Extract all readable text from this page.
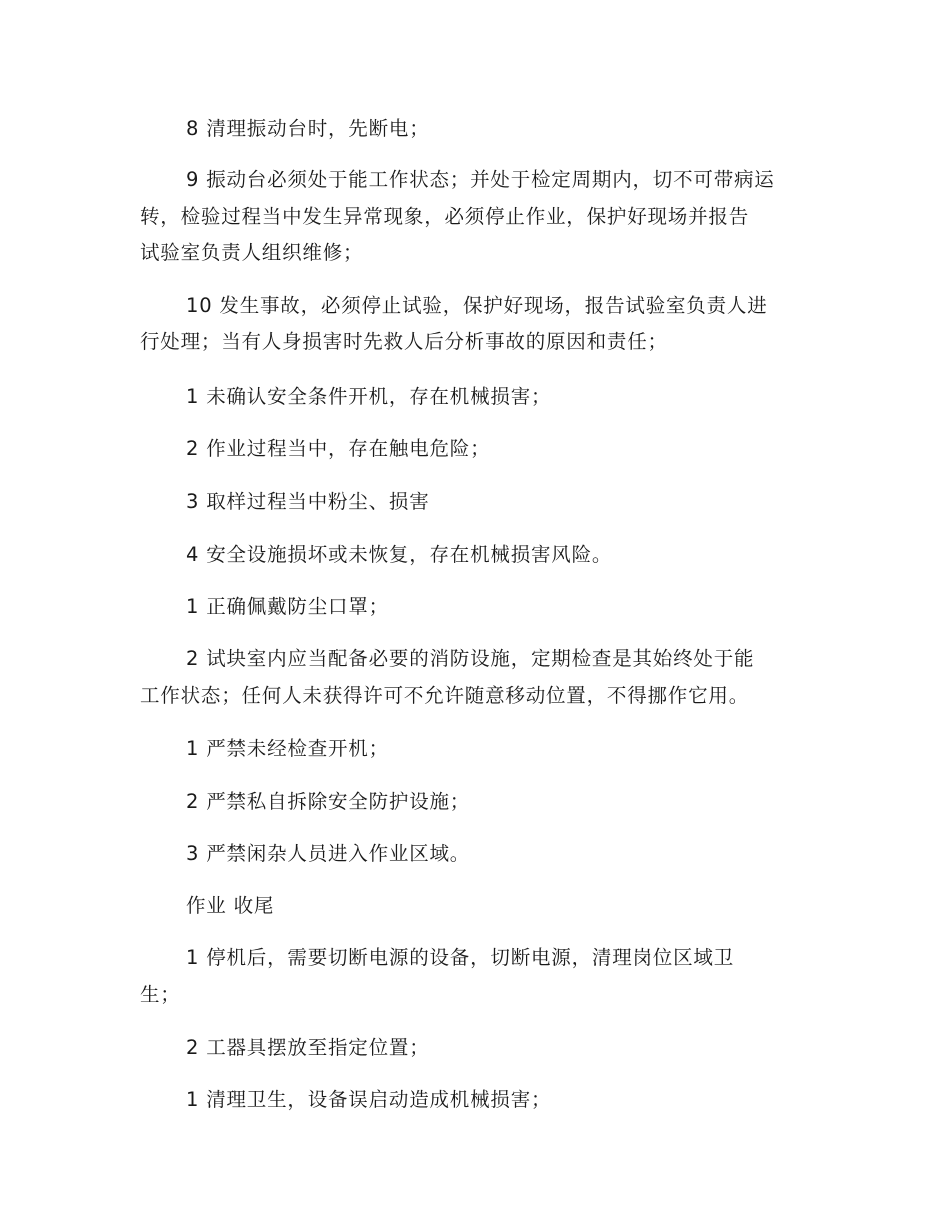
8 清理振动台时，先断电；
9 振动台必须处于能工作状态；并处于检定周期内，切不可带病运
转，检验过程当中发生异常现象，必须停止作业，保护好现场并报告
试验室负责人组织维修；
10 发生事故，必须停止试验，保护好现场，报告试验室负责人进
行处理；当有人身损害时先救人后分析事故的原因和责任；
1 未确认安全条件开机，存在机械损害；
2 作业过程当中，存在触电危险；
3 取样过程当中粉尘、损害
4 安全设施损坏或未恢复，存在机械损害风险。
1 正确佩戴防尘口罩；
2 试块室内应当配备必要的消防设施，定期检查是其始终处于能
工作状态；任何人未获得许可不允许随意移动位置，不得挪作它用。
1 严禁未经检查开机；
2 严禁私自拆除安全防护设施；
3 严禁闲杂人员进入作业区域。
作业 收尾
1 停机后，需要切断电源的设备，切断电源，清理岗位区域卫
生；
2 工器具摆放至指定位置；
1 清理卫生，设备误启动造成机械损害；
